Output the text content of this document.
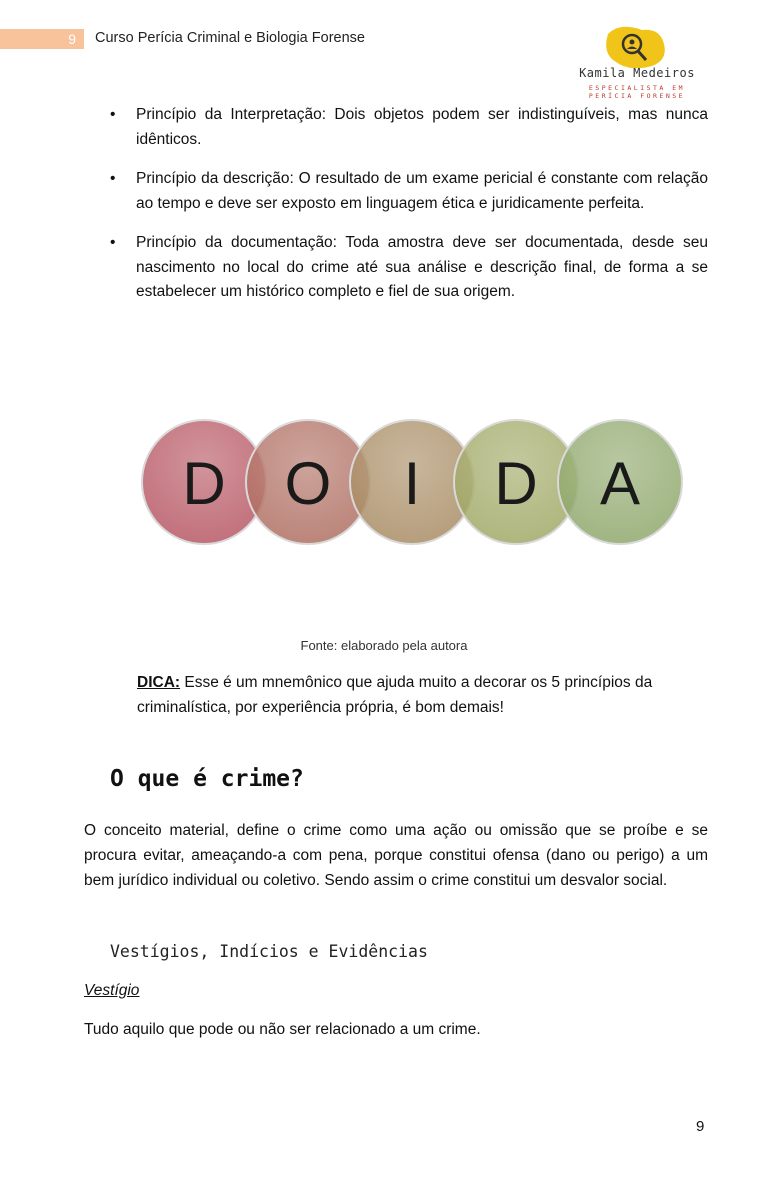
9	Curso Perícia Criminal e Biologia Forense
Kamila Medeiros
ESPECIALISTA EM
PERÍCIA FORENSE
• Princípio da Interpretação: Dois objetos podem ser indistinguíveis, mas nunca idênticos.
• Princípio da descrição: O resultado de um exame pericial é constante com relação ao tempo e deve ser exposto em linguagem ética e juridicamente perfeita.
• Princípio da documentação: Toda amostra deve ser documentada, desde seu nascimento no local do crime até sua análise e descrição final, de forma a se estabelecer um histórico completo e fiel de sua origem.
D O I D A
Fonte: elaborado pela autora
DICA: Esse é um mnemônico que ajuda muito a decorar os 5 princípios da criminalística, por experiência própria, é bom demais!
O que é crime?

O conceito material, define o crime como uma ação ou omissão que se proíbe e se procura evitar, ameaçando-a com pena, porque constitui ofensa (dano ou perigo) a um bem jurídico individual ou coletivo. Sendo assim o crime constitui um desvalor social.

Vestígios, Indícios e Evidências
Vestígio
Tudo aquilo que pode ou não ser relacionado a um crime.
9
